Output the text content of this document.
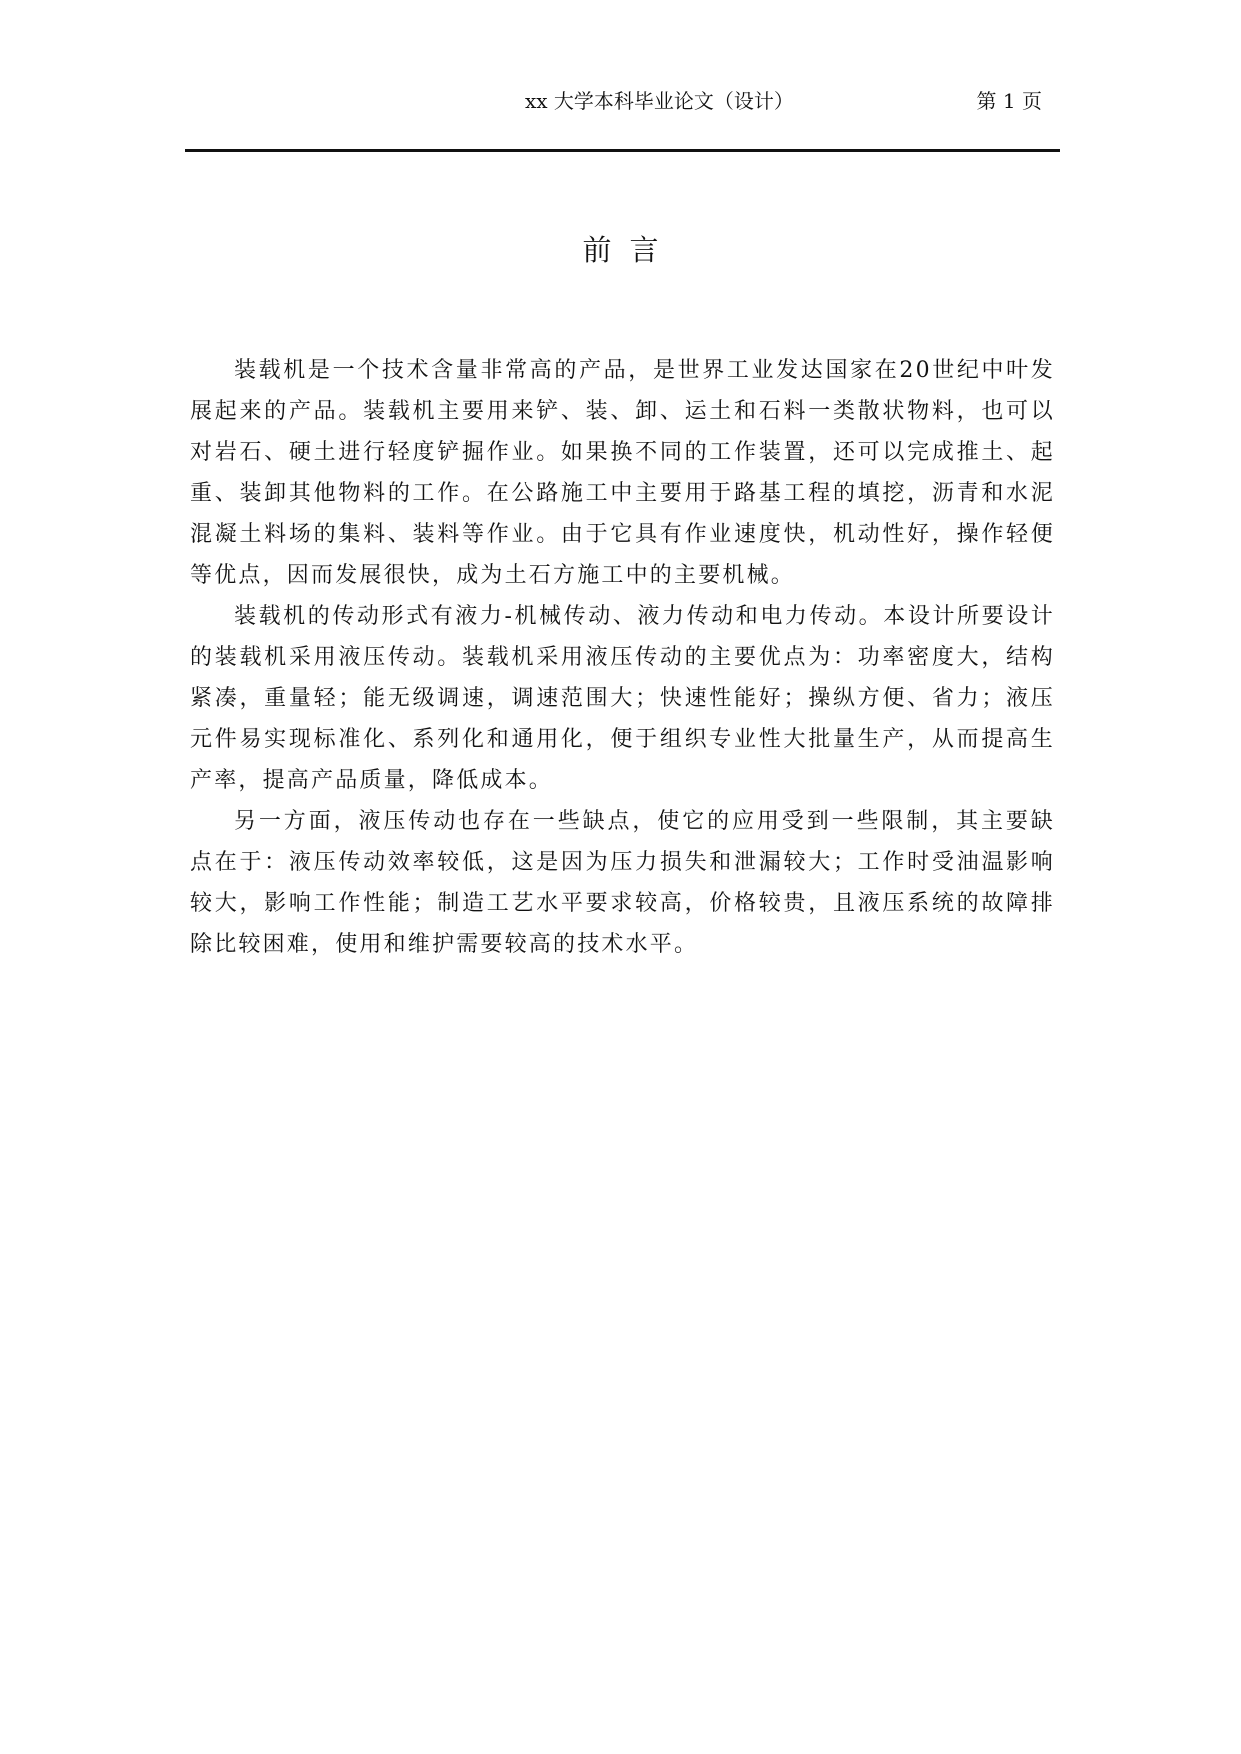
xx 大学本科毕业论文（设计）	第 1 页
前言

装载机是一个技术含量非常高的产品，是世界工业发达国家在20世纪中叶发展起来的产品。装载机主要用来铲、装、卸、运土和石料一类散状物料，也可以对岩石、硬土进行轻度铲掘作业。如果换不同的工作装置，还可以完成推土、起重、装卸其他物料的工作。在公路施工中主要用于路基工程的填挖，沥青和水泥混凝土料场的集料、装料等作业。由于它具有作业速度快，机动性好，操作轻便等优点，因而发展很快，成为土石方施工中的主要机械。

装载机的传动形式有液力-机械传动、液力传动和电力传动。本设计所要设计的装载机采用液压传动。装载机采用液压传动的主要优点为：功率密度大，结构紧凑，重量轻；能无级调速，调速范围大；快速性能好；操纵方便、省力；液压元件易实现标准化、系列化和通用化，便于组织专业性大批量生产，从而提高生产率，提高产品质量，降低成本。

另一方面，液压传动也存在一些缺点，使它的应用受到一些限制，其主要缺点在于：液压传动效率较低，这是因为压力损失和泄漏较大；工作时受油温影响较大，影响工作性能；制造工艺水平要求较高，价格较贵，且液压系统的故障排除比较困难，使用和维护需要较高的技术水平。
